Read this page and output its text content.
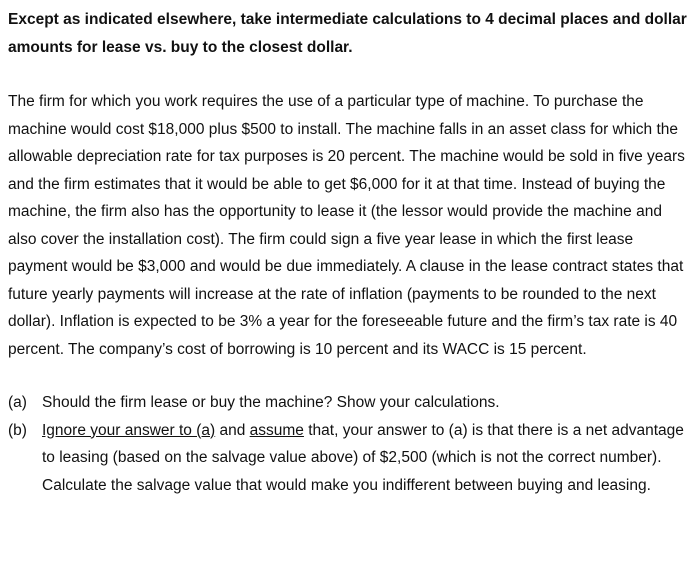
Except as indicated elsewhere, take intermediate calculations to 4 decimal places and dollar amounts for lease vs. buy to the closest dollar.

The firm for which you work requires the use of a particular type of machine. To purchase the machine would cost $18,000 plus $500 to install. The machine falls in an asset class for which the allowable depreciation rate for tax purposes is 20 percent. The machine would be sold in five years and the firm estimates that it would be able to get $6,000 for it at that time. Instead of buying the machine, the firm also has the opportunity to lease it (the lessor would provide the machine and also cover the installation cost). The firm could sign a five year lease in which the first lease payment would be $3,000 and would be due immediately. A clause in the lease contract states that future yearly payments will increase at the rate of inflation (payments to be rounded to the next dollar). Inflation is expected to be 3% a year for the foreseeable future and the firm’s tax rate is 40 percent. The company’s cost of borrowing is 10 percent and its WACC is 15 percent.

(a) Should the firm lease or buy the machine? Show your calculations.
(b) Ignore your answer to (a) and assume that, your answer to (a) is that there is a net advantage to leasing (based on the salvage value above) of $2,500 (which is not the correct number). Calculate the salvage value that would make you indifferent between buying and leasing.
